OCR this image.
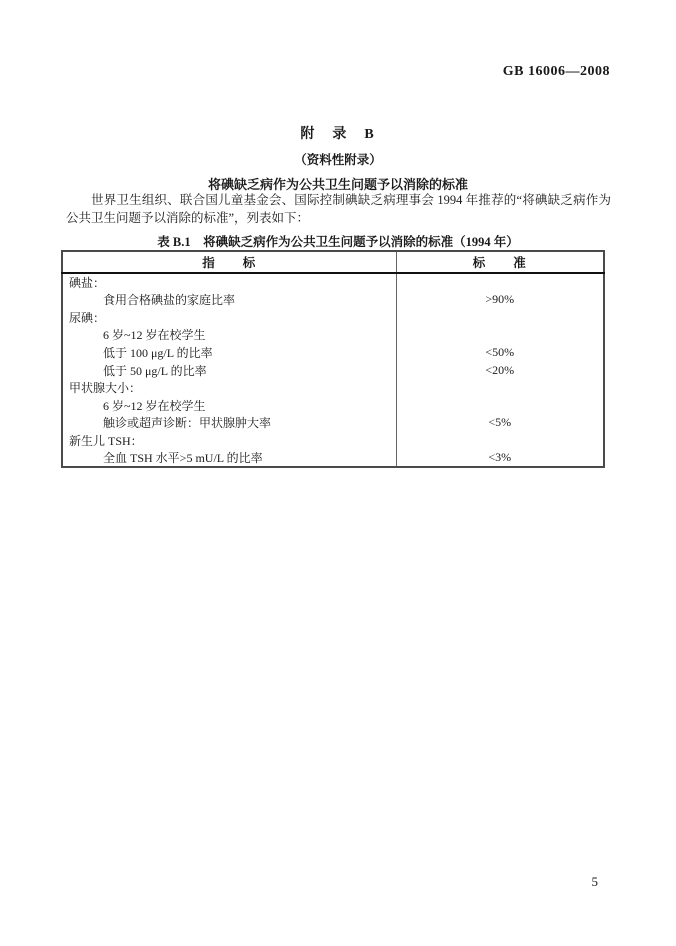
GB 16006—2008
附　录　B
（资料性附录）
将碘缺乏病作为公共卫生问题予以消除的标准

世界卫生组织、联合国儿童基金会、国际控制碘缺乏病理事会 1994 年推荐的“将碘缺乏病作为公共卫生问题予以消除的标准”，列表如下：

表 B.1　将碘缺乏病作为公共卫生问题予以消除的标准（1994 年）
指　　标	标　　准
碘盐：	
食用合格碘盐的家庭比率	>90%
尿碘：	
6 岁~12 岁在校学生	
低于 100 μg/L 的比率	<50%
低于 50 μg/L 的比率	<20%
甲状腺大小：	
6 岁~12 岁在校学生	
触诊或超声诊断：甲状腺肿大率	<5%
新生儿 TSH：	
全血 TSH 水平>5 mU/L 的比率	<3%
5
